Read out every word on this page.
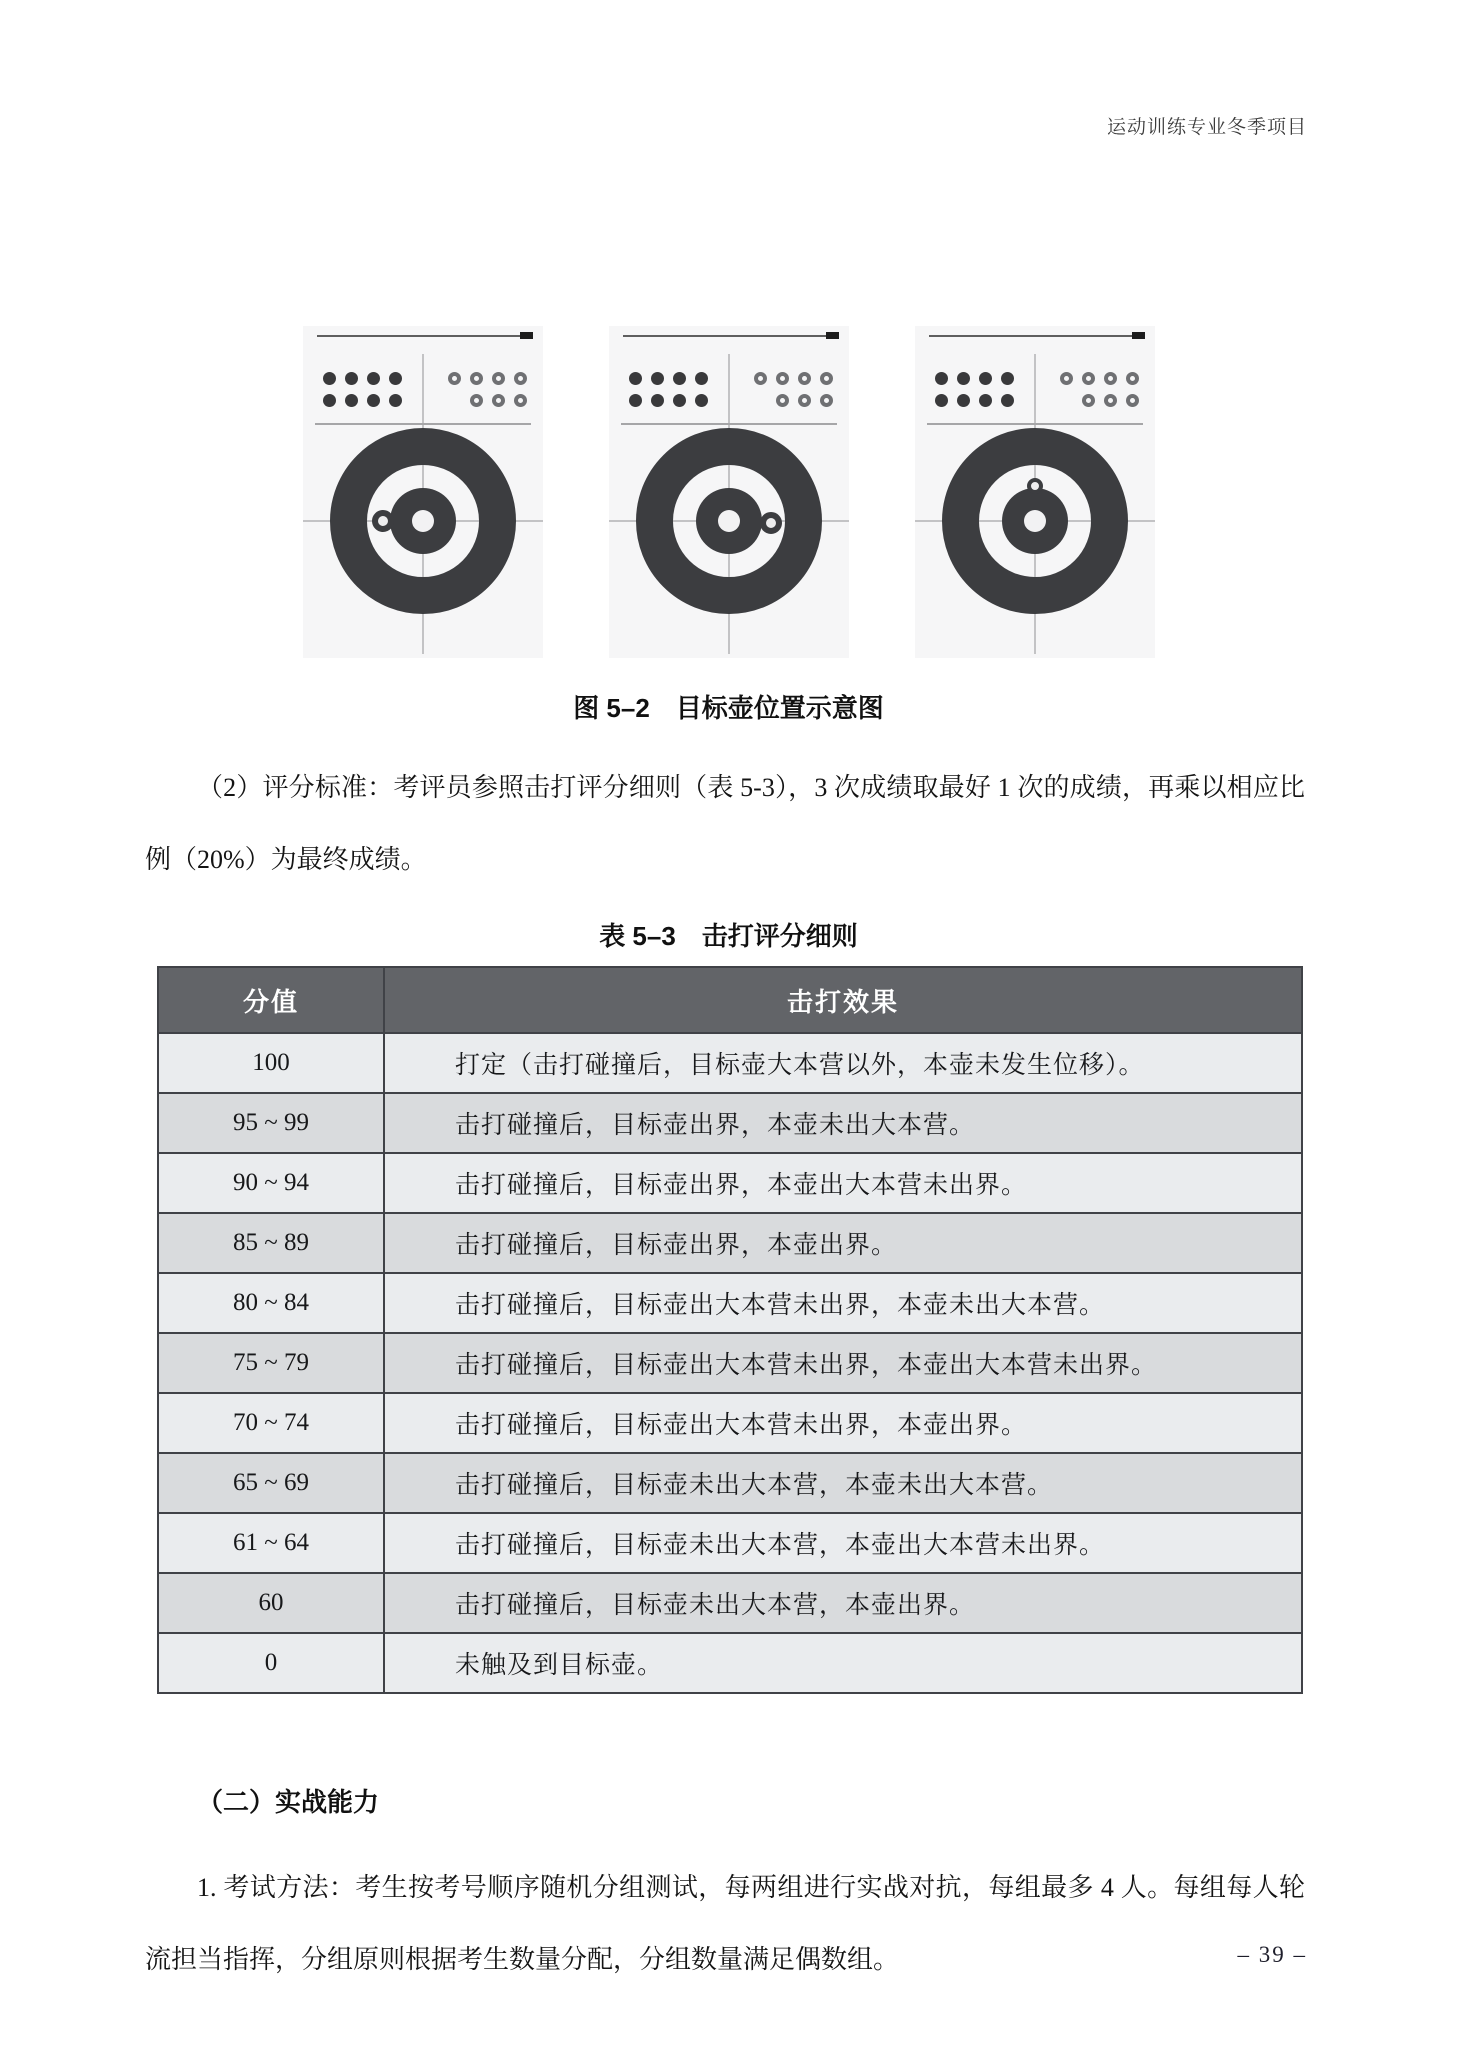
运动训练专业冬季项目
图 5–2　目标壶位置示意图

（2）评分标准：考评员参照击打评分细则（表 5-3），3 次成绩取最好 1 次的成绩，再乘以相应比例（20%）为最终成绩。

表 5–3　击打评分细则
分值	击打效果
100	打定（击打碰撞后，目标壶大本营以外，本壶未发生位移）。
95 ~ 99	击打碰撞后，目标壶出界，本壶未出大本营。
90 ~ 94	击打碰撞后，目标壶出界，本壶出大本营未出界。
85 ~ 89	击打碰撞后，目标壶出界，本壶出界。
80 ~ 84	击打碰撞后，目标壶出大本营未出界，本壶未出大本营。
75 ~ 79	击打碰撞后，目标壶出大本营未出界，本壶出大本营未出界。
70 ~ 74	击打碰撞后，目标壶出大本营未出界，本壶出界。
65 ~ 69	击打碰撞后，目标壶未出大本营，本壶未出大本营。
61 ~ 64	击打碰撞后，目标壶未出大本营，本壶出大本营未出界。
60	击打碰撞后，目标壶未出大本营，本壶出界。
0	未触及到目标壶。

（二）实战能力

1. 考试方法：考生按考号顺序随机分组测试，每两组进行实战对抗，每组最多 4 人。每组每人轮流担当指挥，分组原则根据考生数量分配，分组数量满足偶数组。	– 39 –
